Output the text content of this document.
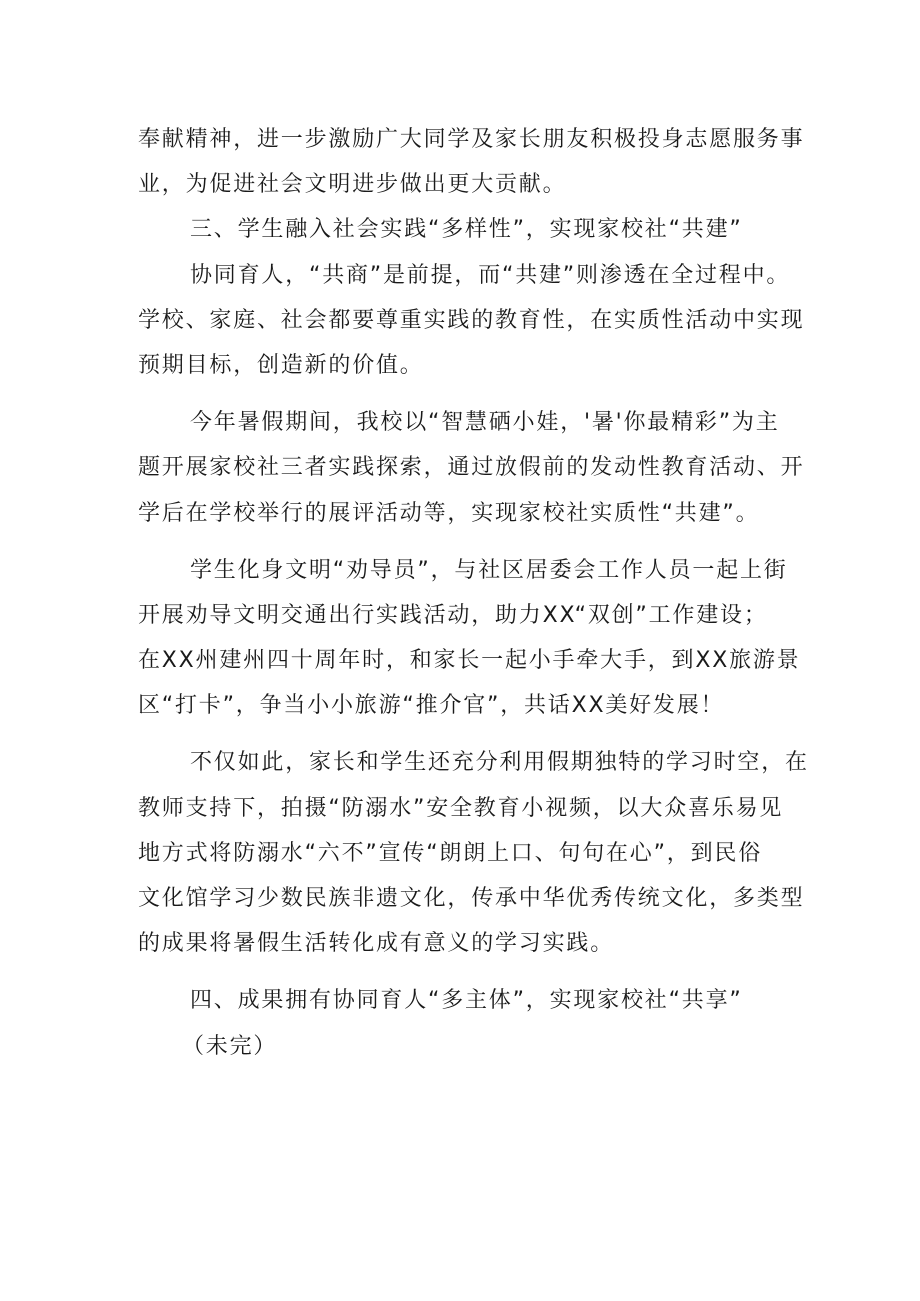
奉献精神，进一步激励广大同学及家长朋友积极投身志愿服务事
业，为促进社会文明进步做出更大贡献。
三、学生融入社会实践“多样性”，实现家校社“共建”
协同育人，“共商”是前提，而“共建”则渗透在全过程中。
学校、家庭、社会都要尊重实践的教育性，在实质性活动中实现
预期目标，创造新的价值。
今年暑假期间，我校以“智慧硒小娃，'暑'你最精彩”为主
题开展家校社三者实践探索，通过放假前的发动性教育活动、开
学后在学校举行的展评活动等，实现家校社实质性“共建”。
学生化身文明“劝导员”，与社区居委会工作人员一起上街
开展劝导文明交通出行实践活动，助力XX“双创”工作建设；
在XX州建州四十周年时，和家长一起小手牵大手，到XX旅游景
区“打卡”，争当小小旅游“推介官”，共话XX美好发展！
不仅如此，家长和学生还充分利用假期独特的学习时空，在
教师支持下，拍摄“防溺水”安全教育小视频，以大众喜乐易见
地方式将防溺水“六不”宣传“朗朗上口、句句在心”，到民俗
文化馆学习少数民族非遗文化，传承中华优秀传统文化，多类型
的成果将暑假生活转化成有意义的学习实践。
四、成果拥有协同育人“多主体”，实现家校社“共享”
（未完）
